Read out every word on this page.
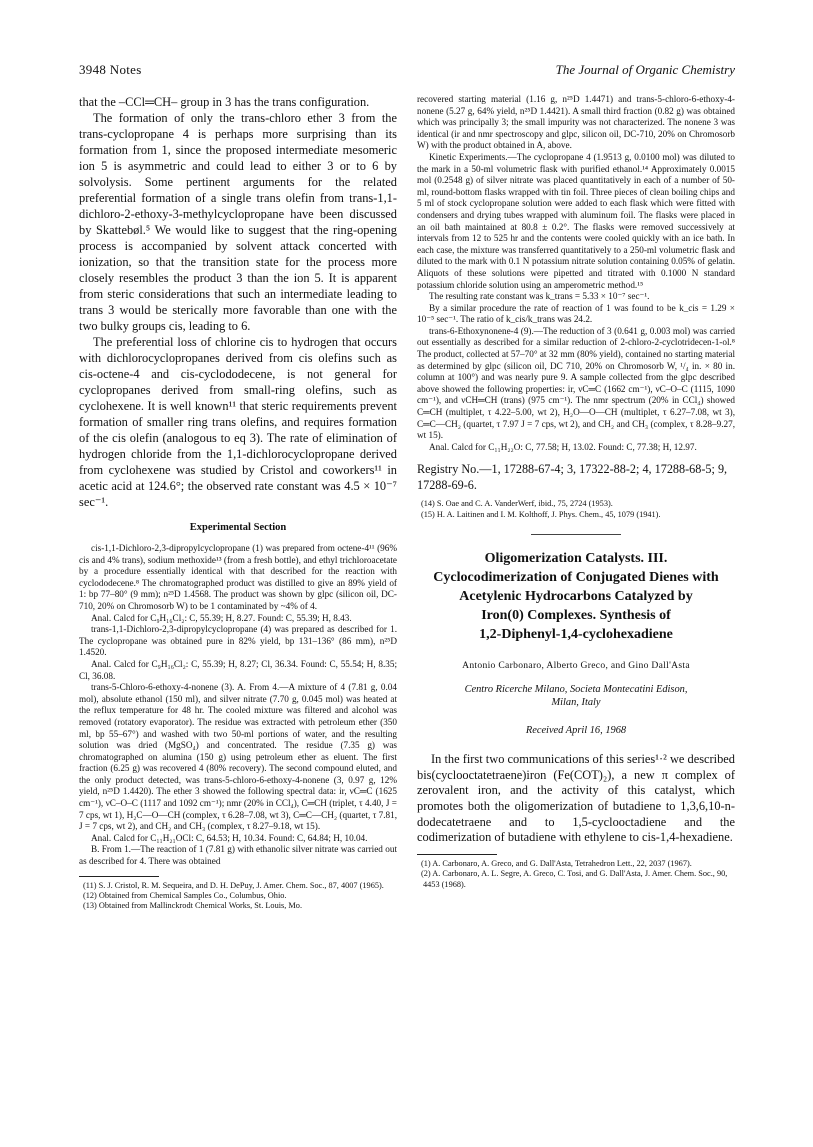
3948 Notes	The Journal of Organic Chemistry

that the –CCl═CH– group in 3 has the trans configuration.

The formation of only the trans-chloro ether 3 from the trans-cyclopropane 4 is perhaps more surprising than its formation from 1, since the proposed intermediate mesomeric ion 5 is asymmetric and could lead to either 3 or to 6 by solvolysis. Some pertinent arguments for the related preferential formation of a single trans olefin from trans-1,1-dichloro-2-ethoxy-3-methylcyclopropane have been discussed by Skattebøl.⁵ We would like to suggest that the ring-opening process is accompanied by solvent attack concerted with ionization, so that the transition state for the process more closely resembles the product 3 than the ion 5. It is apparent from steric considerations that such an intermediate leading to trans 3 would be sterically more favorable than one with the two bulky groups cis, leading to 6.

The preferential loss of chlorine cis to hydrogen that occurs with dichlorocyclopropanes derived from cis olefins such as cis-octene-4 and cis-cyclododecene, is not general for cyclopropanes derived from small-ring olefins, such as cyclohexene. It is well known¹¹ that steric requirements prevent formation of smaller ring trans olefins, and requires formation of the cis olefin (analogous to eq 3). The rate of elimination of hydrogen chloride from the 1,1-dichlorocyclopropane derived from cyclohexene was studied by Cristol and coworkers¹¹ in acetic acid at 124.6°; the observed rate constant was 4.5 × 10⁻⁷ sec⁻¹.

Experimental Section

cis-1,1-Dichloro-2,3-dipropylcyclopropane (1) was prepared from octene-4¹¹ (96% cis and 4% trans), sodium methoxide¹³ (from a fresh bottle), and ethyl trichloroacetate by a procedure essentially identical with that described for the reaction with cyclododecene.⁸ The chromatographed product was distilled to give an 89% yield of 1: bp 77–80° (9 mm); n²⁵D 1.4568. The product was shown by glpc (silicon oil, DC-710, 20% on Chromosorb W) to be 1 contaminated by ~4% of 4.

Anal. Calcd for C₉H₁₆Cl₂: C, 55.39; H, 8.27. Found: C, 55.39; H, 8.43.

trans-1,1-Dichloro-2,3-dipropylcyclopropane (4) was prepared as described for 1. The cyclopropane was obtained pure in 82% yield, bp 131–136° (86 mm), n²⁵D 1.4520.

Anal. Calcd for C₉H₁₆Cl₂: C, 55.39; H, 8.27; Cl, 36.34. Found: C, 55.54; H, 8.35; Cl, 36.08.

trans-5-Chloro-6-ethoxy-4-nonene (3). A. From 4.—A mixture of 4 (7.81 g, 0.04 mol), absolute ethanol (150 ml), and silver nitrate (7.70 g, 0.045 mol) was heated at the reflux temperature for 48 hr. The cooled mixture was filtered and alcohol was removed (rotatory evaporator). The residue was extracted with petroleum ether (350 ml, bp 55–67°) and washed with two 50-ml portions of water, and the resulting solution was dried (MgSO₄) and concentrated. The residue (7.35 g) was chromatographed on alumina (150 g) using petroleum ether as eluent. The first fraction (6.25 g) was recovered 4 (80% recovery). The second compound eluted, and the only product detected, was trans-5-chloro-6-ethoxy-4-nonene (3, 0.97 g, 12% yield, n²⁵D 1.4420). The ether 3 showed the following spectral data: ir, νC═C (1625 cm⁻¹), νC–O–C (1117 and 1092 cm⁻¹); nmr (20% in CCl₄), C═CH (triplet, τ 4.40, J = 7 cps, wt 1), H₂C—O—CH (complex, τ 6.28–7.08, wt 3), C═C—CH₂ (quartet, τ 7.81, J = 7 cps, wt 2), and CH₂ and CH₃ (complex, τ 8.27–9.18, wt 15).

Anal. Calcd for C₁₁H₂₁OCl: C, 64.53; H, 10.34. Found: C, 64.84; H, 10.04.

B. From 1.—The reaction of 1 (7.81 g) with ethanolic silver nitrate was carried out as described for 4. There was obtained

(11) S. J. Cristol, R. M. Sequeira, and D. H. DePuy, J. Amer. Chem. Soc., 87, 4007 (1965).

(12) Obtained from Chemical Samples Co., Columbus, Ohio.

(13) Obtained from Mallinckrodt Chemical Works, St. Louis, Mo.

recovered starting material (1.16 g, n²⁵D 1.4471) and trans-5-chloro-6-ethoxy-4-nonene (5.27 g, 64% yield, n²⁵D 1.4421). A small third fraction (0.82 g) was obtained which was principally 3; the small impurity was not characterized. The nonene 3 was identical (ir and nmr spectroscopy and glpc, silicon oil, DC-710, 20% on Chromosorb W) with the product obtained in A, above.

Kinetic Experiments.—The cyclopropane 4 (1.9513 g, 0.0100 mol) was diluted to the mark in a 50-ml volumetric flask with purified ethanol.¹⁴ Approximately 0.0015 mol (0.2548 g) of silver nitrate was placed quantitatively in each of a number of 50-ml, round-bottom flasks wrapped with tin foil. Three pieces of clean boiling chips and 5 ml of stock cyclopropane solution were added to each flask which were fitted with condensers and drying tubes wrapped with aluminum foil. The flasks were placed in an oil bath maintained at 80.8 ± 0.2°. The flasks were removed successively at intervals from 12 to 525 hr and the contents were cooled quickly with an ice bath. In each case, the mixture was transferred quantitatively to a 250-ml volumetric flask and diluted to the mark with 0.1 N potassium nitrate solution containing 0.05% of gelatin. Aliquots of these solutions were pipetted and titrated with 0.1000 N standard potassium chloride solution using an amperometric method.¹⁵

The resulting rate constant was k_trans = 5.33 × 10⁻⁷ sec⁻¹.

By a similar procedure the rate of reaction of 1 was found to be k_cis = 1.29 × 10⁻⁵ sec⁻¹. The ratio of k_cis/k_trans was 24.2.

trans-6-Ethoxynonene-4 (9).—The reduction of 3 (0.641 g, 0.003 mol) was carried out essentially as described for a similar reduction of 2-chloro-2-cyclotridecen-1-ol.⁸ The product, collected at 57–70° at 32 mm (80% yield), contained no starting material as determined by glpc (silicon oil, DC 710, 20% on Chromosorb W, ¹/₄ in. × 80 in. column at 100°) and was nearly pure 9. A sample collected from the glpc described above showed the following properties: ir, νC═C (1662 cm⁻¹), νC–O–C (1115, 1090 cm⁻¹), and νCH═CH (trans) (975 cm⁻¹). The nmr spectrum (20% in CCl₄) showed C═CH (multiplet, τ 4.22–5.00, wt 2), H₂O—O—CH (multiplet, τ 6.27–7.08, wt 3), C═C—CH₂ (quartet, τ 7.97 J = 7 cps, wt 2), and CH₂ and CH₃ (complex, τ 8.28–9.27, wt 15).

Anal. Calcd for C₁₁H₂₂O: C, 77.58; H, 13.02. Found: C, 77.38; H, 12.97.

Registry No.—1, 17288-67-4; 3, 17322-88-2; 4, 17288-68-5; 9, 17288-69-6.

(14) S. Oae and C. A. VanderWerf, ibid., 75, 2724 (1953).

(15) H. A. Laitinen and I. M. Kolthoff, J. Phys. Chem., 45, 1079 (1941).

Oligomerization Catalysts. III.

Cyclocodimerization of Conjugated Dienes with

Acetylenic Hydrocarbons Catalyzed by

Iron(0) Complexes. Synthesis of

1,2-Diphenyl-1,4-cyclohexadiene

Antonio Carbonaro, Alberto Greco, and Gino Dall'Asta

Centro Ricerche Milano, Societa Montecatini Edison,

Milan, Italy

Received April 16, 1968

In the first two communications of this series¹·² we described bis(cyclooctatetraene)iron (Fe(COT)₂), a new π complex of zerovalent iron, and the activity of this catalyst, which promotes both the oligomerization of butadiene to 1,3,6,10-n-dodecatetraene and to 1,5-cyclooctadiene and the codimerization of butadiene with ethylene to cis-1,4-hexadiene.

(1) A. Carbonaro, A. Greco, and G. Dall'Asta, Tetrahedron Lett., 22, 2037 (1967).

(2) A. Carbonaro, A. L. Segre, A. Greco, C. Tosi, and G. Dall'Asta, J. Amer. Chem. Soc., 90, 4453 (1968).
